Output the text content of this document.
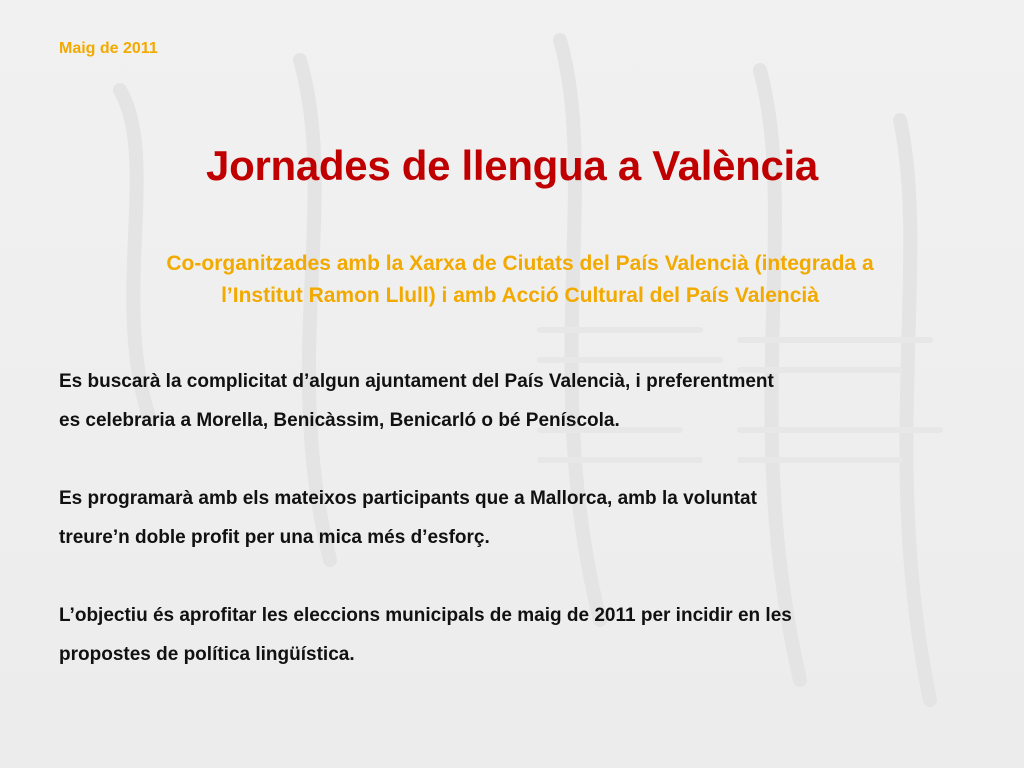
Maig de 2011
Jornades de llengua a València
Co-organitzades amb la Xarxa de Ciutats del País Valencià (integrada a
l’Institut Ramon Llull) i amb Acció Cultural del País Valencià
Es buscarà la complicitat d’algun ajuntament del País Valencià, i preferentment
es celebraria a Morella, Benicàssim, Benicarló o bé Peníscola.
Es programarà amb els mateixos participants que a Mallorca, amb la voluntat
treure’n doble profit per una mica més d’esforç.
L’objectiu és aprofitar les eleccions municipals de maig de 2011 per incidir en les
propostes de política lingüística.
